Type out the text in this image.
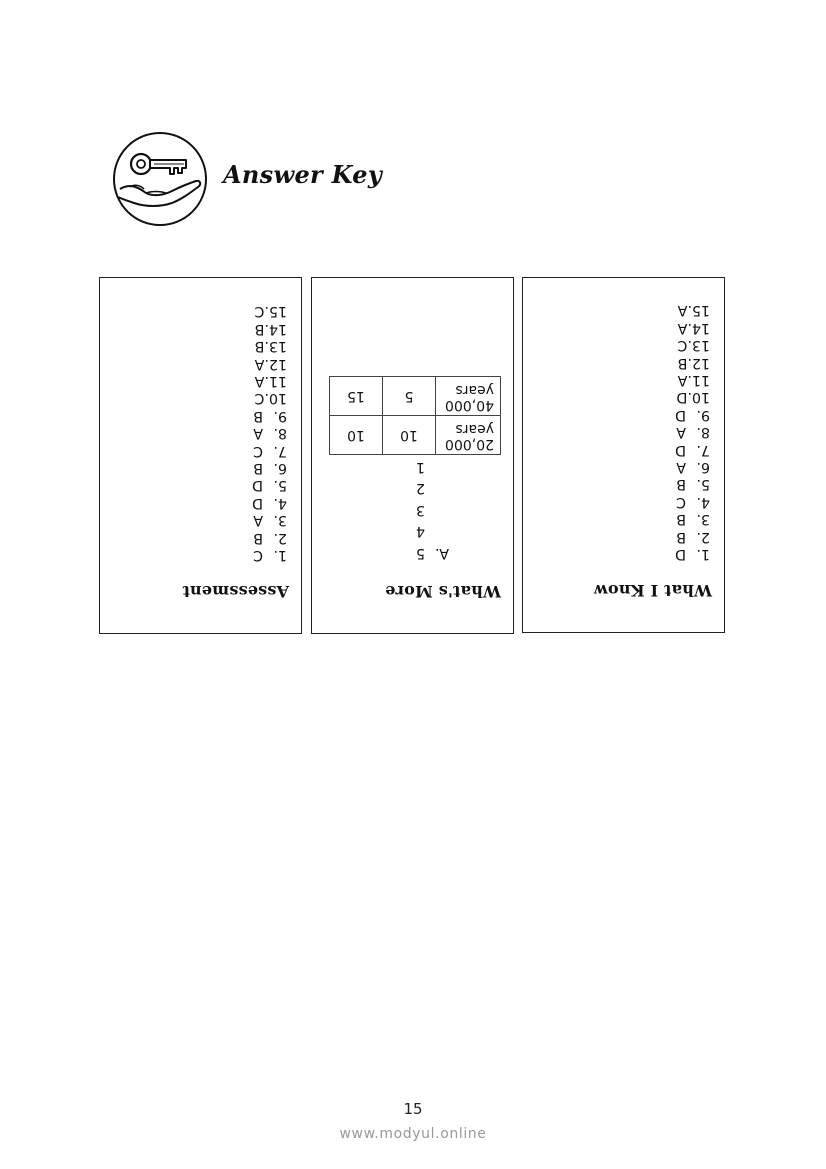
Answer Key
What I Know
1.D
2.B
3.B
4.C
5.B
6.A
7.D
8.A
9.D
10.D
11.A
12.B
13.C
14.A
15.A
What's More
A.5
4
3
2
1
20,000 years	10	10
40,000 years	5	15
Assessment
1.C
2.B
3.A
4.D
5.D
6.B
7.C
8.A
9.B
10.C
11.A
12.A
13.B
14.B
15.C
15
www.modyul.online
